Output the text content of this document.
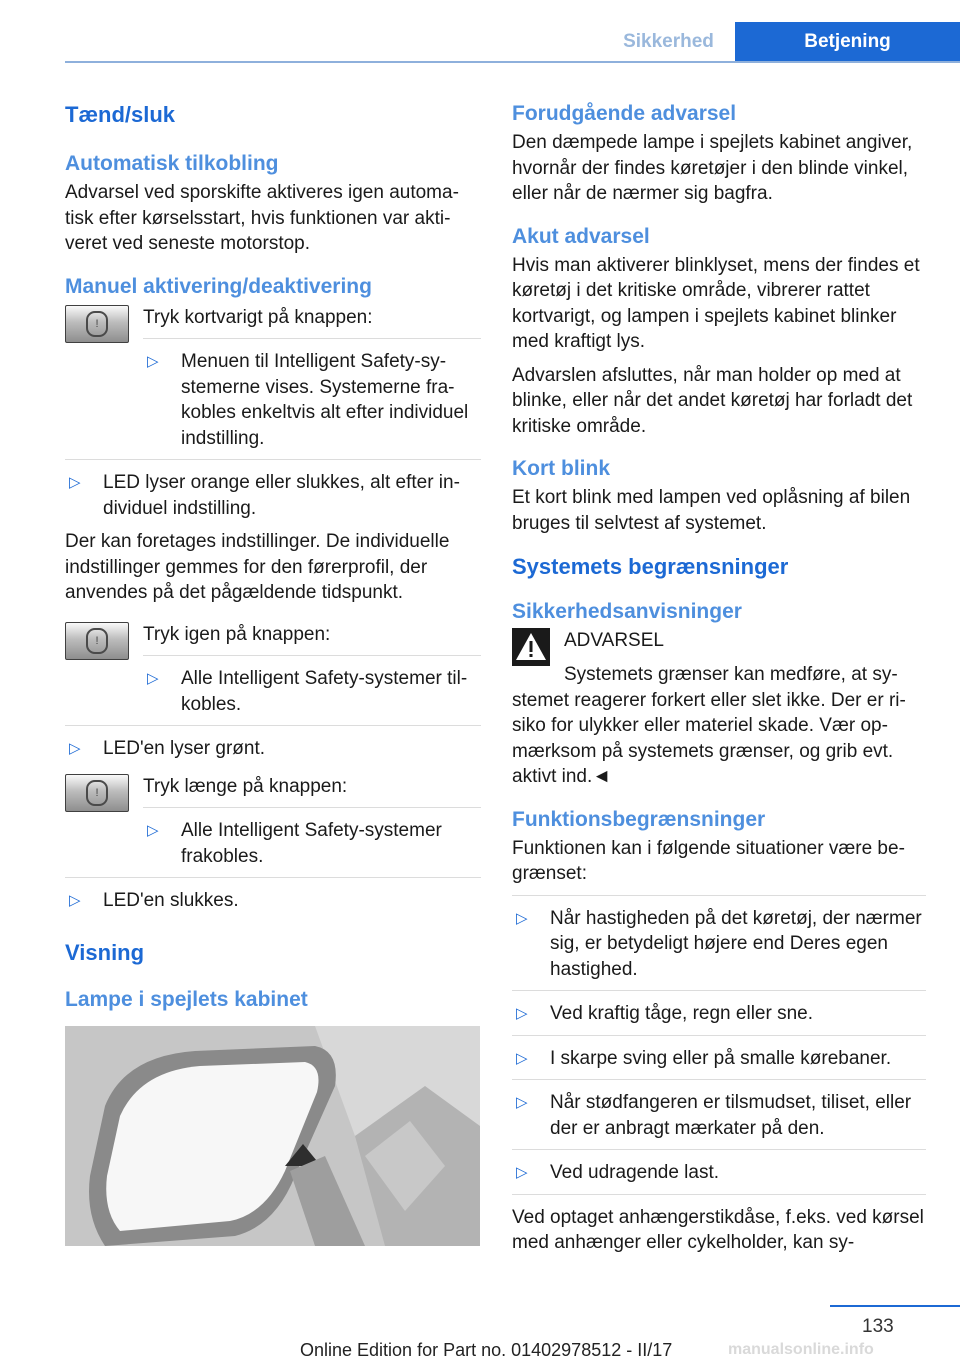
Sikkerhed	Betjening
Tænd/sluk
Automatisk tilkobling

Advarsel ved sporskifte aktiveres igen automatisk efter kørselsstart, hvis funktionen var aktiveret ved seneste motorstop.

Manuel aktivering/deaktivering
!	Tryk kortvarigt på knappen:

▷	Menuen til Intelligent Safety-systemerne vises. Systemerne frakobles enkeltvis alt efter individuel indstilling.
▷	LED lyser orange eller slukkes, alt efter individuel indstilling.

Der kan foretages indstillinger. De individuelle indstillinger gemmes for den førerprofil, der anvendes på det pågældende tidspunkt.

!	Tryk igen på knappen:

▷	Alle Intelligent Safety-systemer tilkobles.
▷	LED'en lyser grønt.
!	Tryk længe på knappen:

▷	Alle Intelligent Safety-systemer frakobles.
▷	LED'en slukkes.
Visning
Lampe i spejlets kabinet
Forudgående advarsel

Den dæmpede lampe i spejlets kabinet angiver, hvornår der findes køretøjer i den blinde vinkel, eller når de nærmer sig bagfra.

Akut advarsel

Hvis man aktiverer blinklyset, mens der findes et køretøj i det kritiske område, vibrerer rattet kortvarigt, og lampen i spejlets kabinet blinker med kraftigt lys.

Advarslen afsluttes, når man holder op med at blinke, eller når det andet køretøj har forladt det kritiske område.

Kort blink

Et kort blink med lampen ved oplåsning af bilen bruges til selvtest af systemet.

Systemets begrænsninger
Sikkerhedsanvisninger

ADVARSEL

Systemets grænser kan medføre, at systemet reagerer forkert eller slet ikke. Der er risiko for ulykker eller materiel skade. Vær opmærksom på systemets grænser, og grib evt. aktivt ind.◄

Funktionsbegrænsninger

Funktionen kan i følgende situationer være begrænset:

▷	Når hastigheden på det køretøj, der nærmer sig, er betydeligt højere end Deres egen hastighed.
▷	Ved kraftig tåge, regn eller sne.
▷	I skarpe sving eller på smalle kørebaner.
▷	Når stødfangeren er tilsmudset, tiliset, eller der er anbragt mærkater på den.
▷	Ved udragende last.

Ved optaget anhængerstikdåse, f.eks. ved kørsel med anhænger eller cykelholder, kan sy-

133
Online Edition for Part no. 01402978512 - II/17	manualsonline.info
